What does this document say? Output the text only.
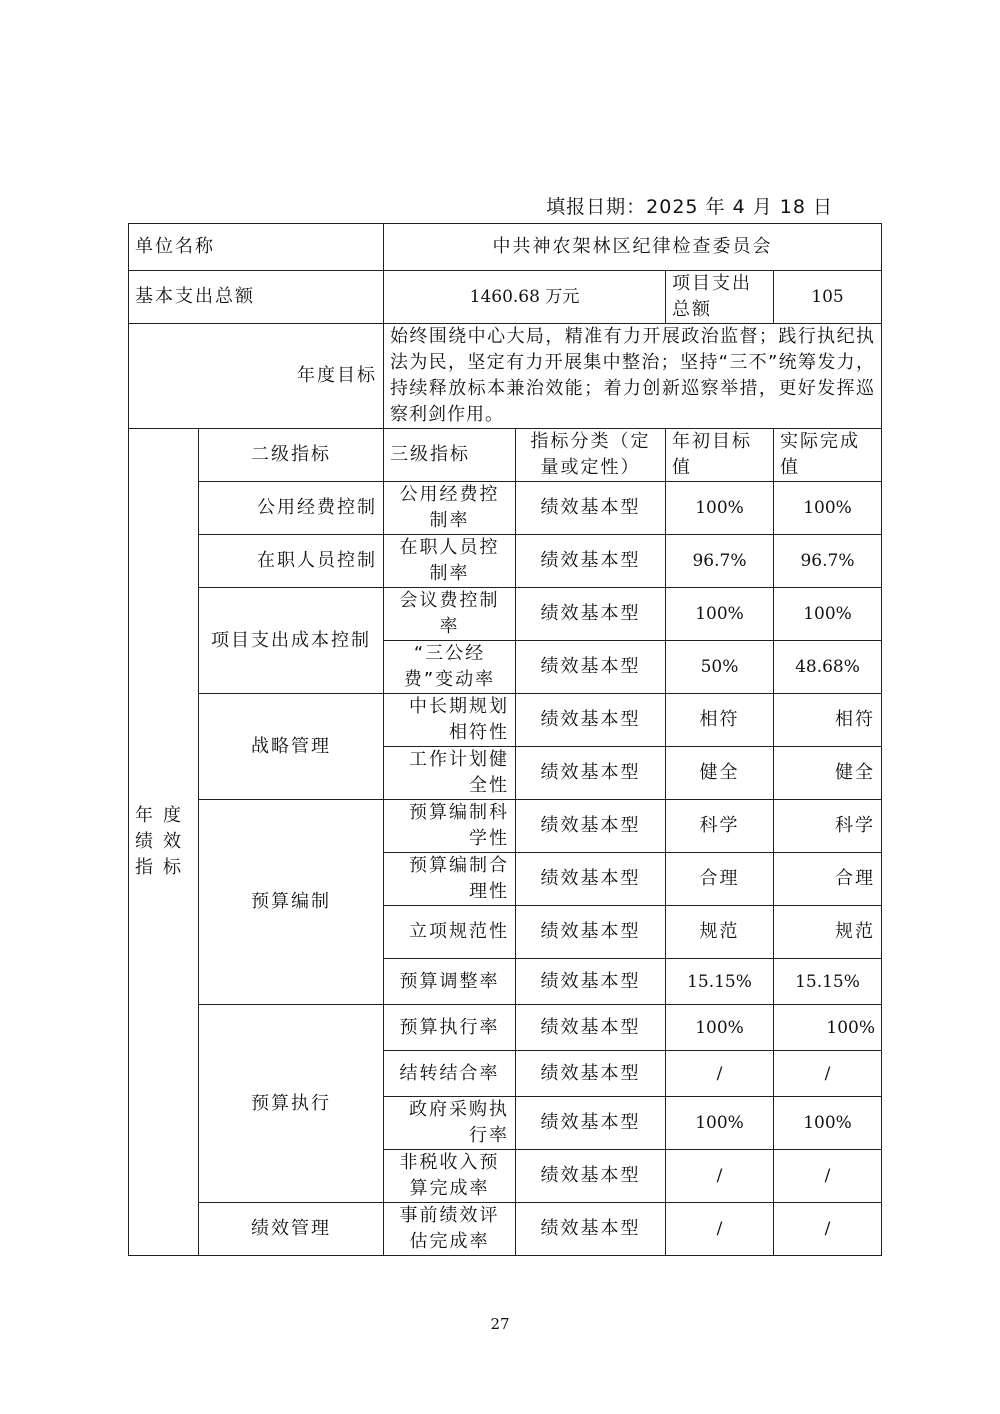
填报日期：2025 年 4 月 18 日
单位名称		中共神农架林区纪律检查委员会			
基本支出总额		1460.68 万元		项目支出总额	105
年度目标		始终围绕中心大局，精准有力开展政治监督；践行执纪执法为民，坚定有力开展集中整治；坚持“三不”统筹发力，持续释放标本兼治效能；着力创新巡察举措，更好发挥巡察利剑作用。			
年度绩效指标	二级指标	三级指标	指标分类（定量或定性）	年初目标值	实际完成值
	公用经费控制	公用经费控制率	绩效基本型	100%	100%
	在职人员控制	在职人员控制率	绩效基本型	96.7%	96.7%
	项目支出成本控制	会议费控制率	绩效基本型	100%	100%
		“三公经费”变动率	绩效基本型	50%	48.68%
	战略管理	中长期规划相符性	绩效基本型	相符	相符
		工作计划健全性	绩效基本型	健全	健全
	预算编制	预算编制科学性	绩效基本型	科学	科学
		预算编制合理性	绩效基本型	合理	合理
		立项规范性	绩效基本型	规范	规范
		预算调整率	绩效基本型	15.15%	15.15%
	预算执行	预算执行率	绩效基本型	100%	100%
		结转结合率	绩效基本型	/	/
		政府采购执行率	绩效基本型	100%	100%
		非税收入预算完成率	绩效基本型	/	/
	绩效管理	事前绩效评估完成率	绩效基本型	/	/
27
